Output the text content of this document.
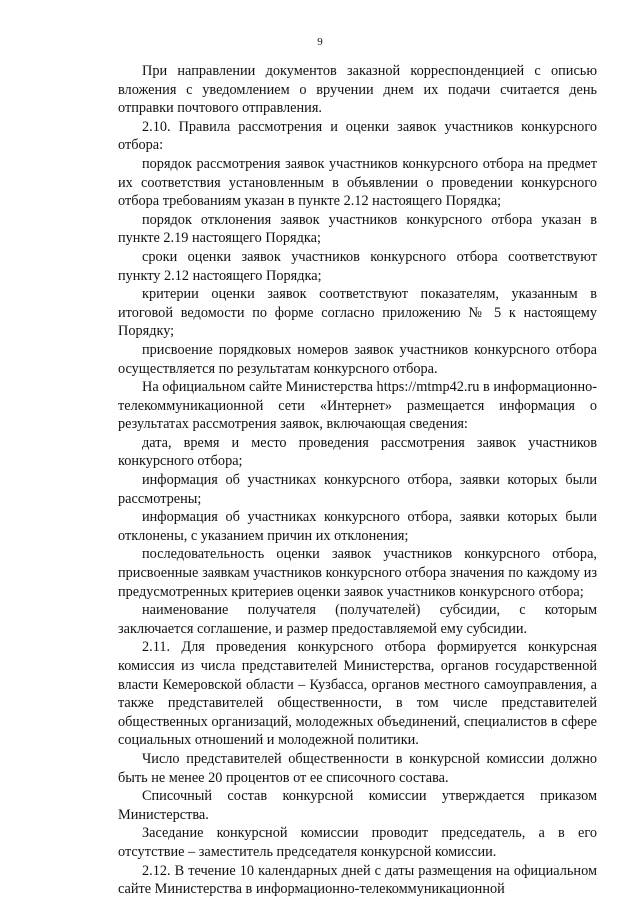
9

При направлении документов заказной корреспонденцией с описью вложения с уведомлением о вручении днем их подачи считается день отправки почтового отправления.

2.10. Правила рассмотрения и оценки заявок участников конкурсного отбора:

порядок рассмотрения заявок участников конкурсного отбора на предмет их соответствия установленным в объявлении о проведении конкурсного отбора требованиям указан в пункте 2.12 настоящего Порядка;

порядок отклонения заявок участников конкурсного отбора указан в пункте 2.19 настоящего Порядка;

сроки оценки заявок участников конкурсного отбора соответствуют пункту 2.12 настоящего Порядка;

критерии оценки заявок соответствуют показателям, указанным в итоговой ведомости по форме согласно приложению № 5 к настоящему Порядку;

присвоение порядковых номеров заявок участников конкурсного отбора осуществляется по результатам конкурсного отбора.

На официальном сайте Министерства https://mtmp42.ru в информационно-телекоммуникационной сети «Интернет» размещается информация о результатах рассмотрения заявок, включающая сведения:

дата, время и место проведения рассмотрения заявок участников конкурсного отбора;

информация об участниках конкурсного отбора, заявки которых были рассмотрены;

информация об участниках конкурсного отбора, заявки которых были отклонены, с указанием причин их отклонения;

последовательность оценки заявок участников конкурсного отбора, присвоенные заявкам участников конкурсного отбора значения по каждому из предусмотренных критериев оценки заявок участников конкурсного отбора;

наименование получателя (получателей) субсидии, с которым заключается соглашение, и размер предоставляемой ему субсидии.

2.11. Для проведения конкурсного отбора формируется конкурсная комиссия из числа представителей Министерства, органов государственной власти Кемеровской области – Кузбасса, органов местного самоуправления, а также представителей общественности, в том числе представителей общественных организаций, молодежных объединений, специалистов в сфере социальных отношений и молодежной политики.

Число представителей общественности в конкурсной комиссии должно быть не менее 20 процентов от ее списочного состава.

Списочный состав конкурсной комиссии утверждается приказом Министерства.

Заседание конкурсной комиссии проводит председатель, а в его отсутствие – заместитель председателя конкурсной комиссии.

2.12. В течение 10 календарных дней с даты размещения на официальном сайте Министерства в информационно-телекоммуникационной
